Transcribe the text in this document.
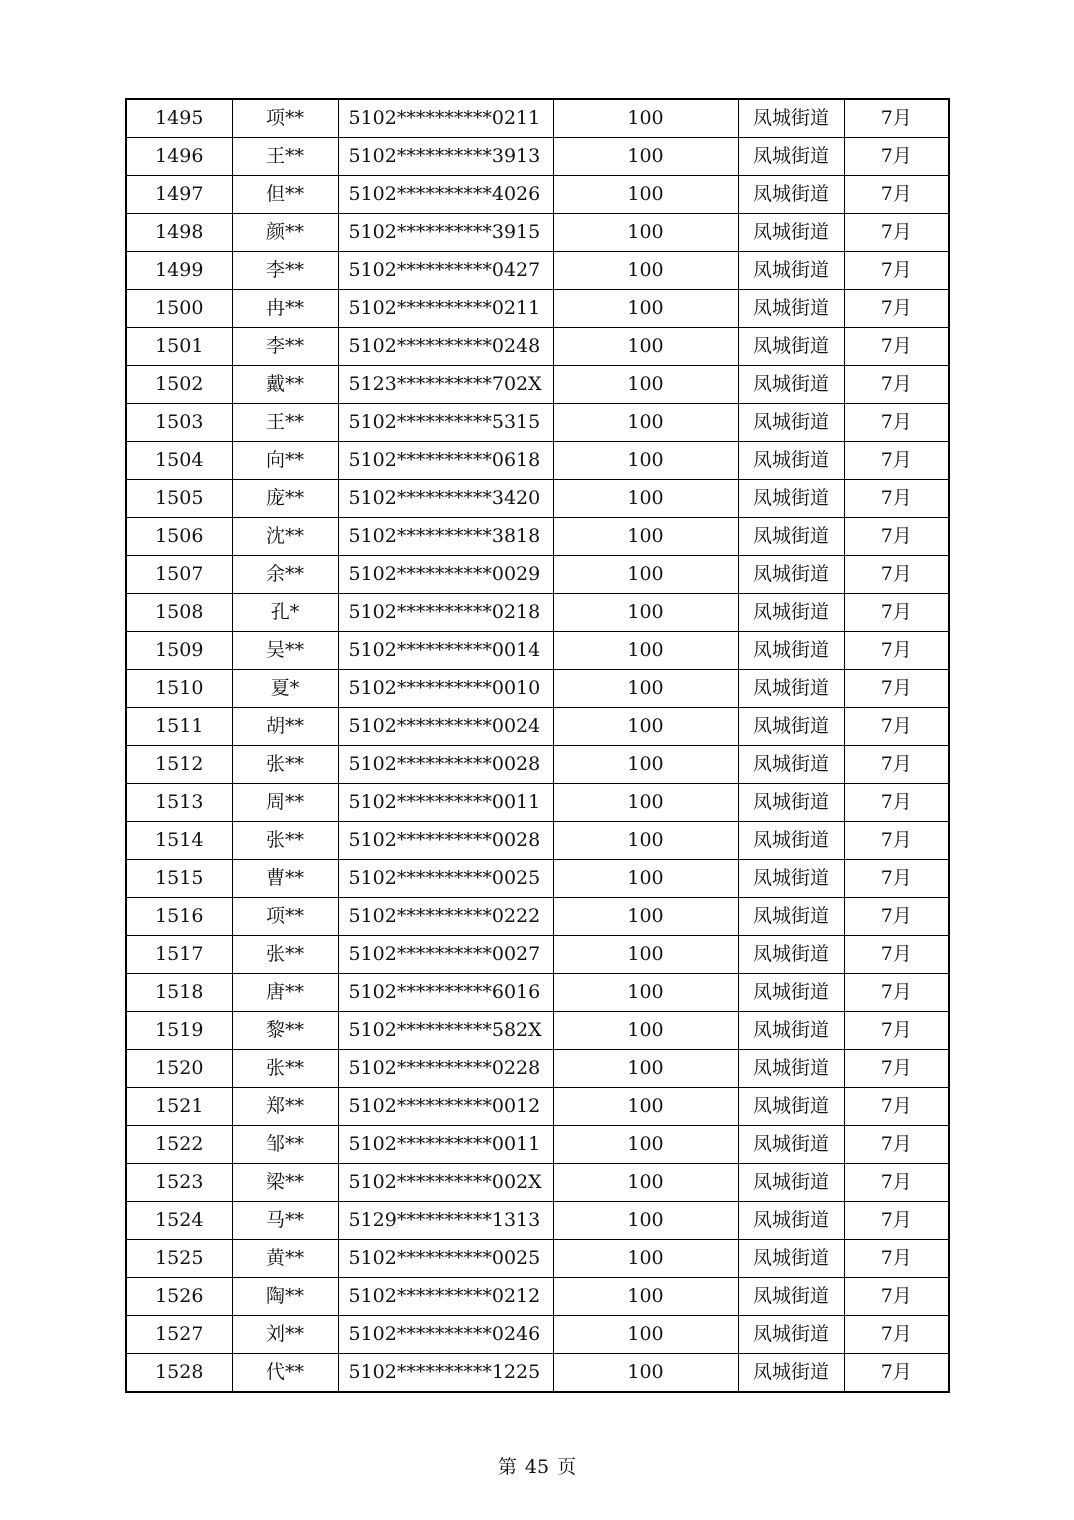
1495	项**	5102**********0211	100	凤城街道	7月
1496	王**	5102**********3913	100	凤城街道	7月
1497	但**	5102**********4026	100	凤城街道	7月
1498	颜**	5102**********3915	100	凤城街道	7月
1499	李**	5102**********0427	100	凤城街道	7月
1500	冉**	5102**********0211	100	凤城街道	7月
1501	李**	5102**********0248	100	凤城街道	7月
1502	戴**	5123**********702X	100	凤城街道	7月
1503	王**	5102**********5315	100	凤城街道	7月
1504	向**	5102**********0618	100	凤城街道	7月
1505	庞**	5102**********3420	100	凤城街道	7月
1506	沈**	5102**********3818	100	凤城街道	7月
1507	余**	5102**********0029	100	凤城街道	7月
1508	孔*	5102**********0218	100	凤城街道	7月
1509	吴**	5102**********0014	100	凤城街道	7月
1510	夏*	5102**********0010	100	凤城街道	7月
1511	胡**	5102**********0024	100	凤城街道	7月
1512	张**	5102**********0028	100	凤城街道	7月
1513	周**	5102**********0011	100	凤城街道	7月
1514	张**	5102**********0028	100	凤城街道	7月
1515	曹**	5102**********0025	100	凤城街道	7月
1516	项**	5102**********0222	100	凤城街道	7月
1517	张**	5102**********0027	100	凤城街道	7月
1518	唐**	5102**********6016	100	凤城街道	7月
1519	黎**	5102**********582X	100	凤城街道	7月
1520	张**	5102**********0228	100	凤城街道	7月
1521	郑**	5102**********0012	100	凤城街道	7月
1522	邹**	5102**********0011	100	凤城街道	7月
1523	梁**	5102**********002X	100	凤城街道	7月
1524	马**	5129**********1313	100	凤城街道	7月
1525	黄**	5102**********0025	100	凤城街道	7月
1526	陶**	5102**********0212	100	凤城街道	7月
1527	刘**	5102**********0246	100	凤城街道	7月
1528	代**	5102**********1225	100	凤城街道	7月
第 45 页
